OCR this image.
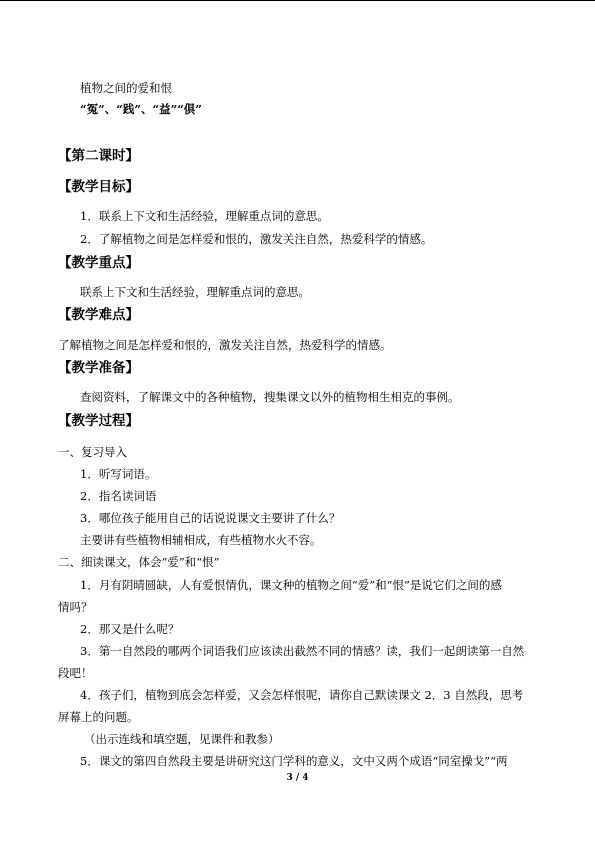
植物之间的爱和恨
“冤”、“践”、“益”“俱”
【第二课时】
【教学目标】
1．联系上下文和生活经验，理解重点词的意思。
2．了解植物之间是怎样爱和恨的，激发关注自然，热爱科学的情感。
【教学重点】
联系上下文和生活经验，理解重点词的意思。
【教学难点】
了解植物之间是怎样爱和恨的，激发关注自然，热爱科学的情感。
【教学准备】
查阅资料，了解课文中的各种植物，搜集课文以外的植物相生相克的事例。
【教学过程】
一、复习导入
1．听写词语。
2．指名读词语
3．哪位孩子能用自己的话说说课文主要讲了什么？
主要讲有些植物相辅相成，有些植物水火不容。
二、细读课文，体会“爱”和“恨”
1．月有阴晴圆缺，人有爱恨情仇，课文种的植物之间“爱”和“恨”是说它们之间的感
情吗？
2．那又是什么呢？
3．第一自然段的哪两个词语我们应该读出截然不同的情感？读，我们一起朗读第一自然
段吧！
4．孩子们，植物到底会怎样爱，又会怎样恨呢，请你自己默读课文 2．3 自然段，思考
屏幕上的问题。
（出示连线和填空题，见课件和教参）
5．课文的第四自然段主要是讲研究这门学科的意义，文中又两个成语“同室操戈”“两
3 / 4
